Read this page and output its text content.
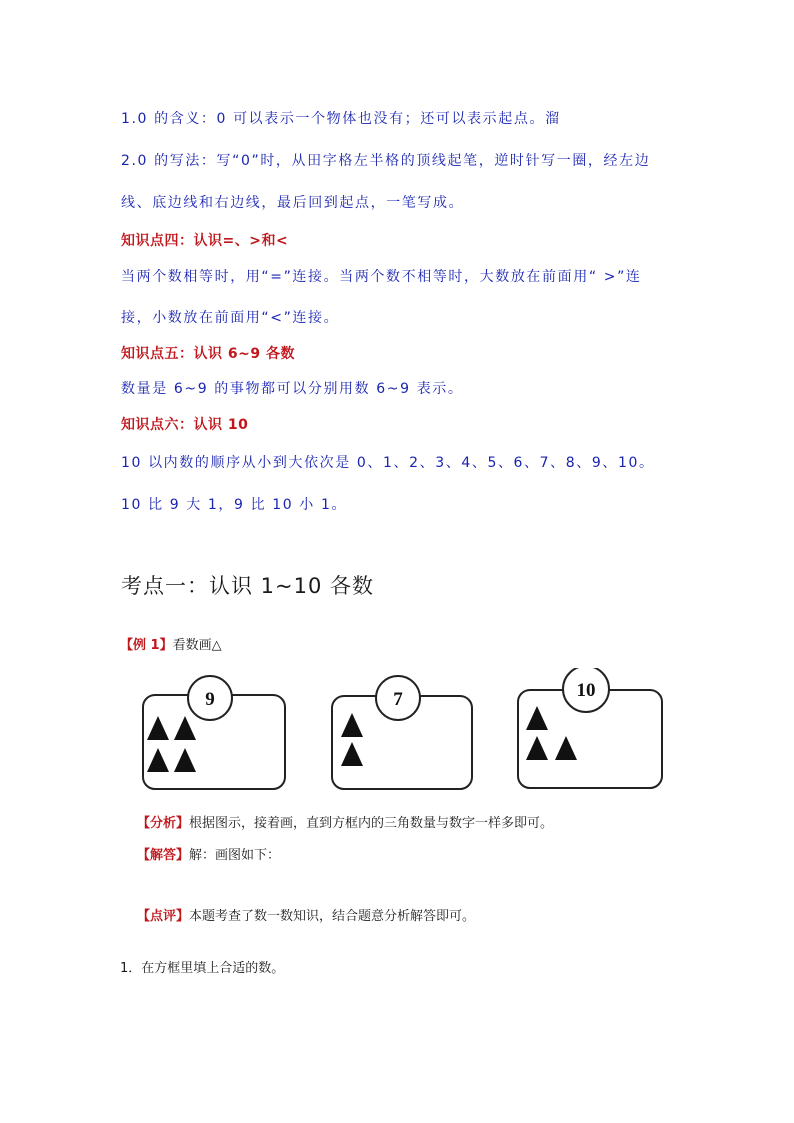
1.0 的含义：0 可以表示一个物体也没有；还可以表示起点。溜
2.0 的写法：写“0”时，从田字格左半格的顶线起笔，逆时针写一圈，经左边
线、底边线和右边线，最后回到起点，一笔写成。
知识点四：认识=、>和<
当两个数相等时，用“=”连接。当两个数不相等时，大数放在前面用“ >”连
接，小数放在前面用“<”连接。
知识点五：认识 6~9 各数
数量是 6~9 的事物都可以分别用数 6~9 表示。
知识点六：认识 10
10 以内数的顺序从小到大依次是 0、1、2、3、4、5、6、7、8、9、10。
10 比 9 大 1，9 比 10 小 1。
考点一：认识 1~10 各数
【例 1】看数画△
9	7	10
【分析】根据图示，接着画，直到方框内的三角数量与数字一样多即可。
【解答】解：画图如下：
【点评】本题考查了数一数知识，结合题意分析解答即可。
1．在方框里填上合适的数。
